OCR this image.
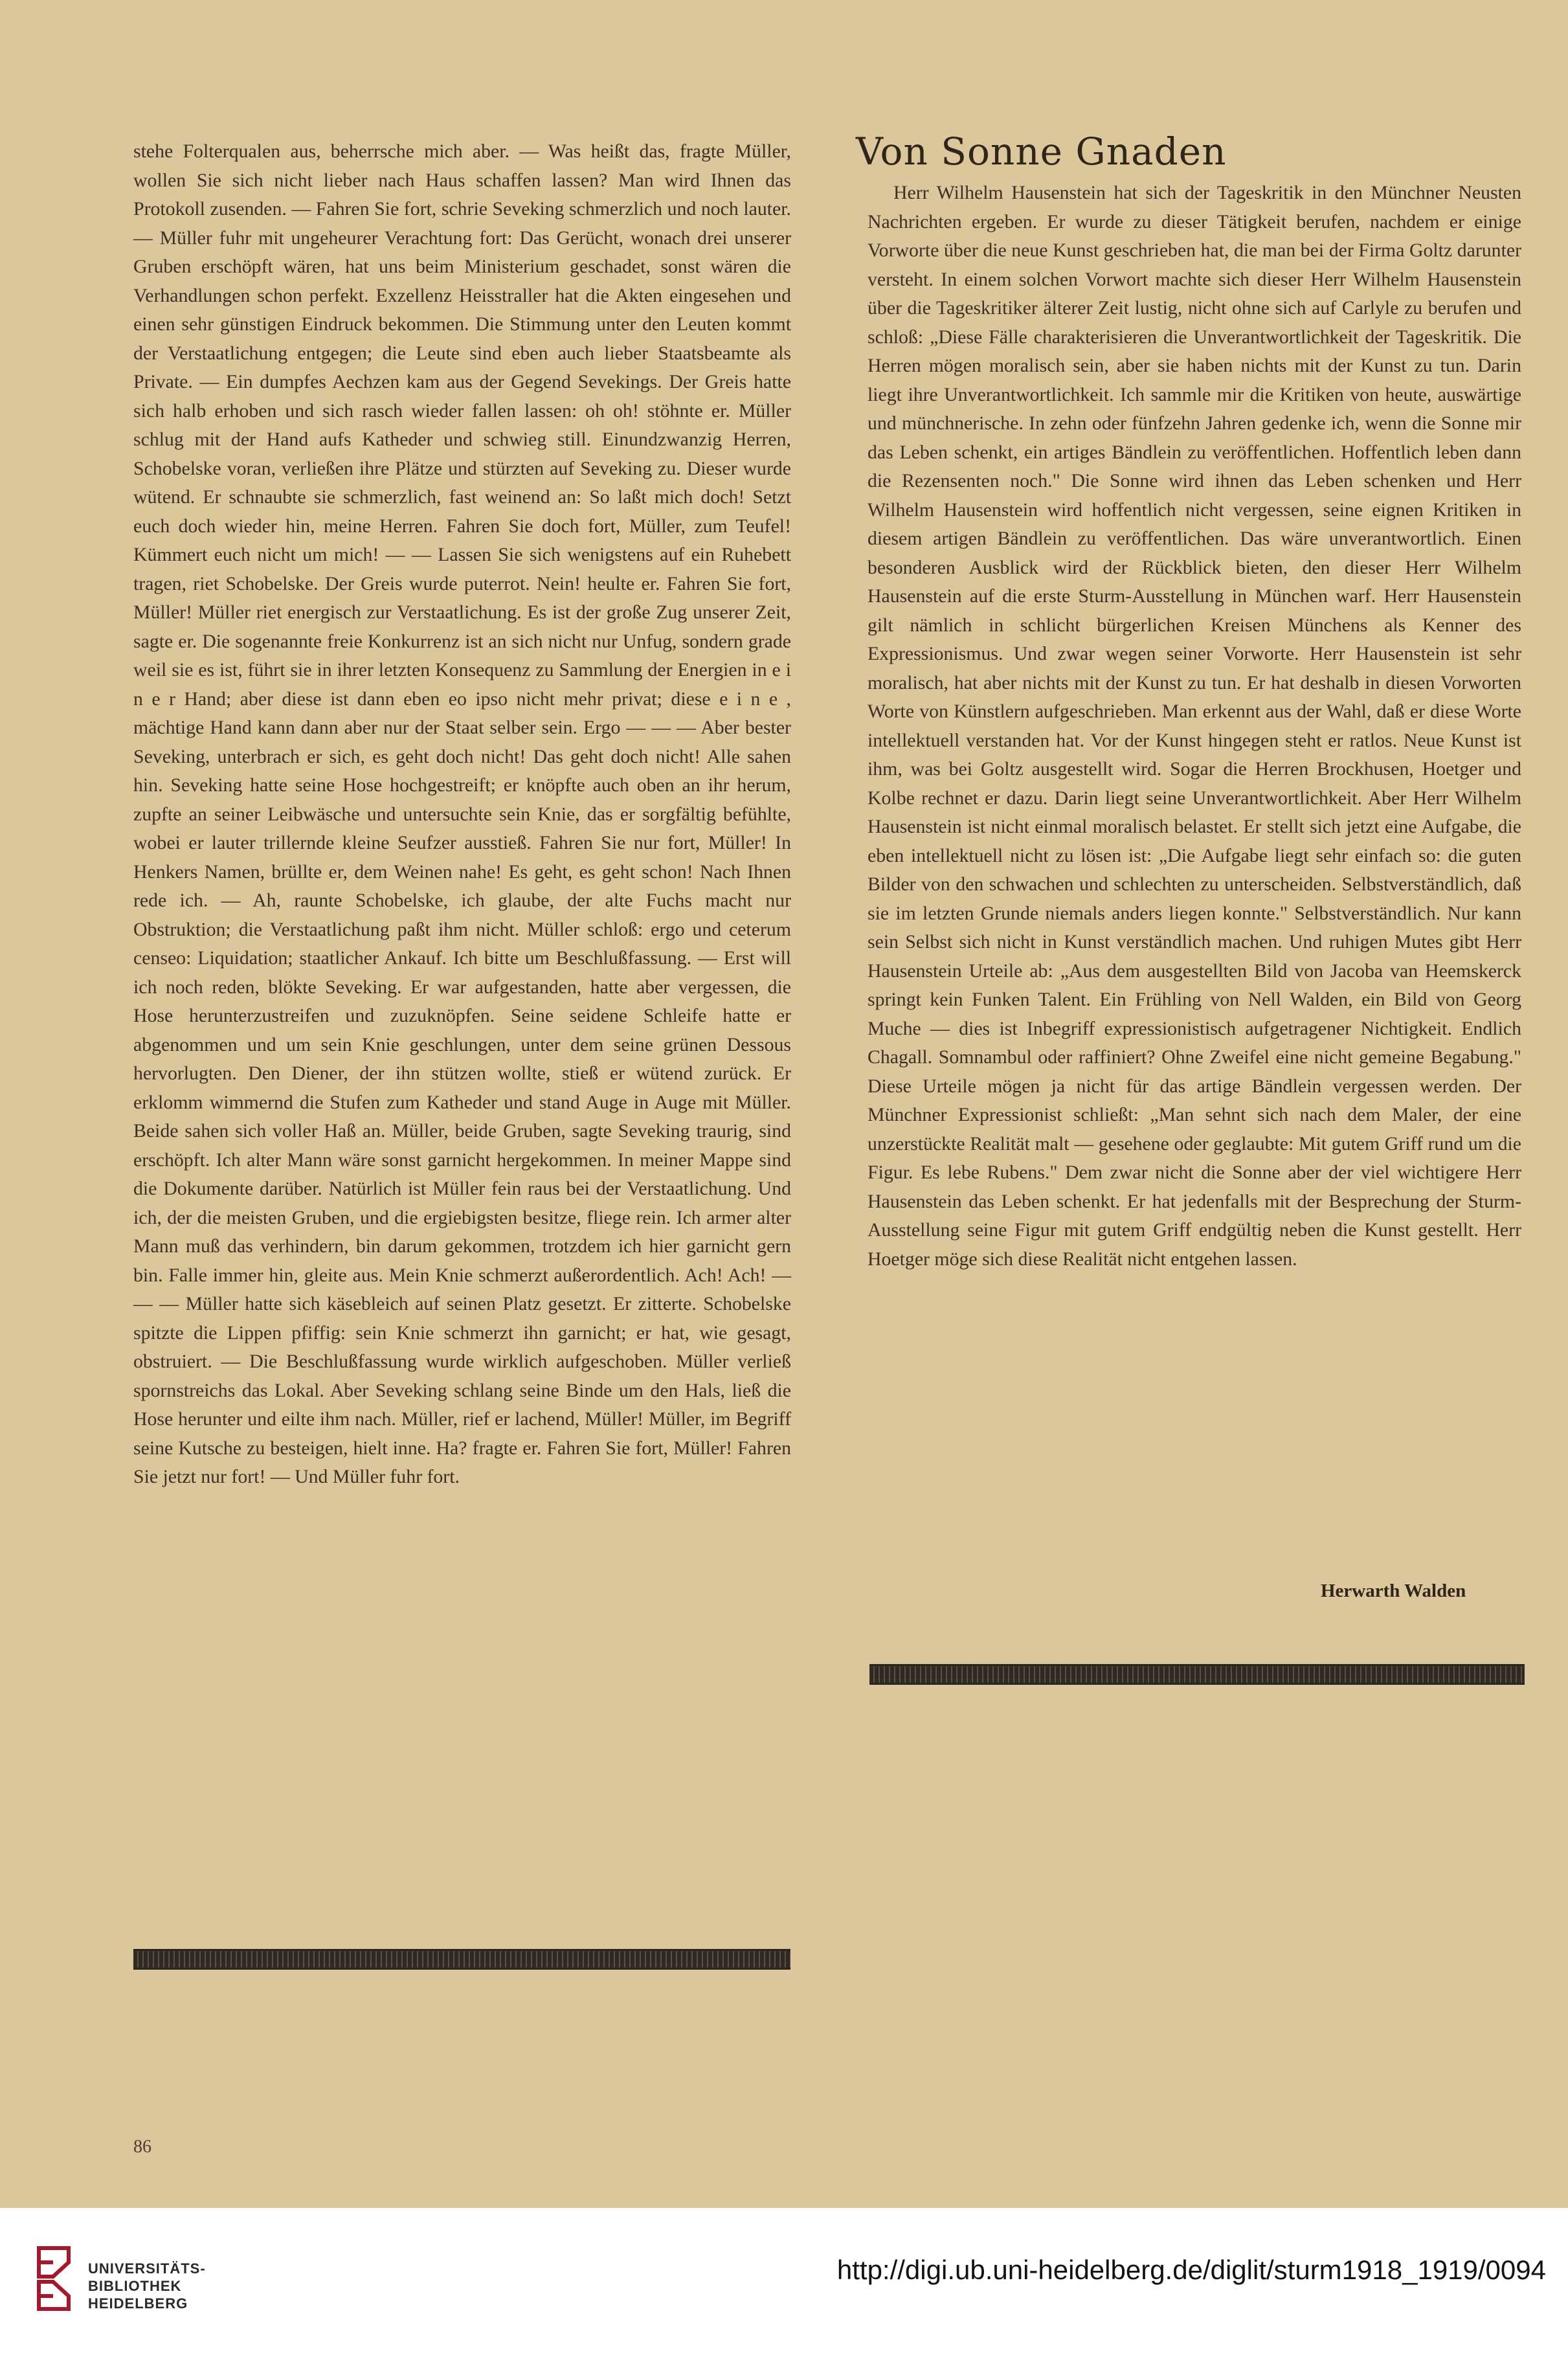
stehe Folterqualen aus, beherrsche mich aber. — Was heißt das, fragte Müller, wollen Sie sich nicht lieber nach Haus schaffen lassen? Man wird Ihnen das Protokoll zusenden. — Fahren Sie fort, schrie Seveking schmerzlich und noch lauter. — Müller fuhr mit ungeheurer Verachtung fort: Das Gerücht, wonach drei unserer Gruben erschöpft wären, hat uns beim Ministerium geschadet, sonst wären die Verhandlungen schon perfekt. Exzellenz Heisstraller hat die Akten eingesehen und einen sehr günstigen Eindruck bekommen. Die Stimmung unter den Leuten kommt der Verstaatlichung entgegen; die Leute sind eben auch lieber Staatsbeamte als Private. — Ein dumpfes Aechzen kam aus der Gegend Sevekings. Der Greis hatte sich halb erhoben und sich rasch wieder fallen lassen: oh oh! stöhnte er. Müller schlug mit der Hand aufs Katheder und schwieg still. Einundzwanzig Herren, Schobelske voran, verließen ihre Plätze und stürzten auf Seveking zu. Dieser wurde wütend. Er schnaubte sie schmerzlich, fast weinend an: So laßt mich doch! Setzt euch doch wieder hin, meine Herren. Fahren Sie doch fort, Müller, zum Teufel! Kümmert euch nicht um mich! — — Lassen Sie sich wenigstens auf ein Ruhebett tragen, riet Schobelske. Der Greis wurde puterrot. Nein! heulte er. Fahren Sie fort, Müller! Müller riet energisch zur Verstaatlichung. Es ist der große Zug unserer Zeit, sagte er. Die sogenannte freie Konkurrenz ist an sich nicht nur Unfug, sondern grade weil sie es ist, führt sie in ihrer letzten Konsequenz zu Sammlung der Energien in e i n e r Hand; aber diese ist dann eben eo ipso nicht mehr privat; diese e i n e , mächtige Hand kann dann aber nur der Staat selber sein. Ergo — — — Aber bester Seveking, unterbrach er sich, es geht doch nicht! Das geht doch nicht! Alle sahen hin. Seveking hatte seine Hose hochgestreift; er knöpfte auch oben an ihr herum, zupfte an seiner Leibwäsche und untersuchte sein Knie, das er sorgfältig befühlte, wobei er lauter trillernde kleine Seufzer ausstieß. Fahren Sie nur fort, Müller! In Henkers Namen, brüllte er, dem Weinen nahe! Es geht, es geht schon! Nach Ihnen rede ich. — Ah, raunte Schobelske, ich glaube, der alte Fuchs macht nur Obstruktion; die Verstaatlichung paßt ihm nicht. Müller schloß: ergo und ceterum censeo: Liquidation; staatlicher Ankauf. Ich bitte um Beschlußfassung. — Erst will ich noch reden, blökte Seveking. Er war aufgestanden, hatte aber vergessen, die Hose herunterzustreifen und zuzuknöpfen. Seine seidene Schleife hatte er abgenommen und um sein Knie geschlungen, unter dem seine grünen Dessous hervorlugten. Den Diener, der ihn stützen wollte, stieß er wütend zurück. Er erklomm wimmernd die Stufen zum Katheder und stand Auge in Auge mit Müller. Beide sahen sich voller Haß an. Müller, beide Gruben, sagte Seveking traurig, sind erschöpft. Ich alter Mann wäre sonst garnicht hergekommen. In meiner Mappe sind die Dokumente darüber. Natürlich ist Müller fein raus bei der Verstaatlichung. Und ich, der die meisten Gruben, und die ergiebigsten besitze, fliege rein. Ich armer alter Mann muß das verhindern, bin darum gekommen, trotzdem ich hier garnicht gern bin. Falle immer hin, gleite aus. Mein Knie schmerzt außerordentlich. Ach! Ach! — — — Müller hatte sich käsebleich auf seinen Platz gesetzt. Er zitterte. Schobelske spitzte die Lippen pfiffig: sein Knie schmerzt ihn garnicht; er hat, wie gesagt, obstruiert. — Die Beschlußfassung wurde wirklich aufgeschoben. Müller verließ spornstreichs das Lokal. Aber Seveking schlang seine Binde um den Hals, ließ die Hose herunter und eilte ihm nach. Müller, rief er lachend, Müller! Müller, im Begriff seine Kutsche zu besteigen, hielt inne. Ha? fragte er. Fahren Sie fort, Müller! Fahren Sie jetzt nur fort! — Und Müller fuhr fort.

Von Sonne Gnaden

Herr Wilhelm Hausenstein hat sich der Tageskritik in den Münchner Neusten Nachrichten ergeben. Er wurde zu dieser Tätigkeit berufen, nachdem er einige Vorworte über die neue Kunst geschrieben hat, die man bei der Firma Goltz darunter versteht. In einem solchen Vorwort machte sich dieser Herr Wilhelm Hausenstein über die Tageskritiker älterer Zeit lustig, nicht ohne sich auf Carlyle zu berufen und schloß: „Diese Fälle charakterisieren die Unverantwortlichkeit der Tageskritik. Die Herren mögen moralisch sein, aber sie haben nichts mit der Kunst zu tun. Darin liegt ihre Unverantwortlichkeit. Ich sammle mir die Kritiken von heute, auswärtige und münchnerische. In zehn oder fünfzehn Jahren gedenke ich, wenn die Sonne mir das Leben schenkt, ein artiges Bändlein zu veröffentlichen. Hoffentlich leben dann die Rezensenten noch." Die Sonne wird ihnen das Leben schenken und Herr Wilhelm Hausenstein wird hoffentlich nicht vergessen, seine eignen Kritiken in diesem artigen Bändlein zu veröffentlichen. Das wäre unverantwortlich. Einen besonderen Ausblick wird der Rückblick bieten, den dieser Herr Wilhelm Hausenstein auf die erste Sturm-Ausstellung in München warf. Herr Hausenstein gilt nämlich in schlicht bürgerlichen Kreisen Münchens als Kenner des Expressionismus. Und zwar wegen seiner Vorworte. Herr Hausenstein ist sehr moralisch, hat aber nichts mit der Kunst zu tun. Er hat deshalb in diesen Vorworten Worte von Künstlern aufgeschrieben. Man erkennt aus der Wahl, daß er diese Worte intellektuell verstanden hat. Vor der Kunst hingegen steht er ratlos. Neue Kunst ist ihm, was bei Goltz ausgestellt wird. Sogar die Herren Brockhusen, Hoetger und Kolbe rechnet er dazu. Darin liegt seine Unverantwortlichkeit. Aber Herr Wilhelm Hausenstein ist nicht einmal moralisch belastet. Er stellt sich jetzt eine Aufgabe, die eben intellektuell nicht zu lösen ist: „Die Aufgabe liegt sehr einfach so: die guten Bilder von den schwachen und schlechten zu unterscheiden. Selbstverständlich, daß sie im letzten Grunde niemals anders liegen konnte." Selbstverständlich. Nur kann sein Selbst sich nicht in Kunst verständlich machen. Und ruhigen Mutes gibt Herr Hausenstein Urteile ab: „Aus dem ausgestellten Bild von Jacoba van Heemskerck springt kein Funken Talent. Ein Frühling von Nell Walden, ein Bild von Georg Muche — dies ist Inbegriff expressionistisch aufgetragener Nichtigkeit. Endlich Chagall. Somnambul oder raffiniert? Ohne Zweifel eine nicht gemeine Begabung." Diese Urteile mögen ja nicht für das artige Bändlein vergessen werden. Der Münchner Expressionist schließt: „Man sehnt sich nach dem Maler, der eine unzerstückte Realität malt — gesehene oder geglaubte: Mit gutem Griff rund um die Figur. Es lebe Rubens." Dem zwar nicht die Sonne aber der viel wichtigere Herr Hausenstein das Leben schenkt. Er hat jedenfalls mit der Besprechung der Sturm-Ausstellung seine Figur mit gutem Griff endgültig neben die Kunst gestellt. Herr Hoetger möge sich diese Realität nicht entgehen lassen.

Herwarth Walden
86
UNIVERSITÄTS-
BIBLIOTHEK
HEIDELBERG
http://digi.ub.uni-heidelberg.de/diglit/sturm1918_1919/0094
